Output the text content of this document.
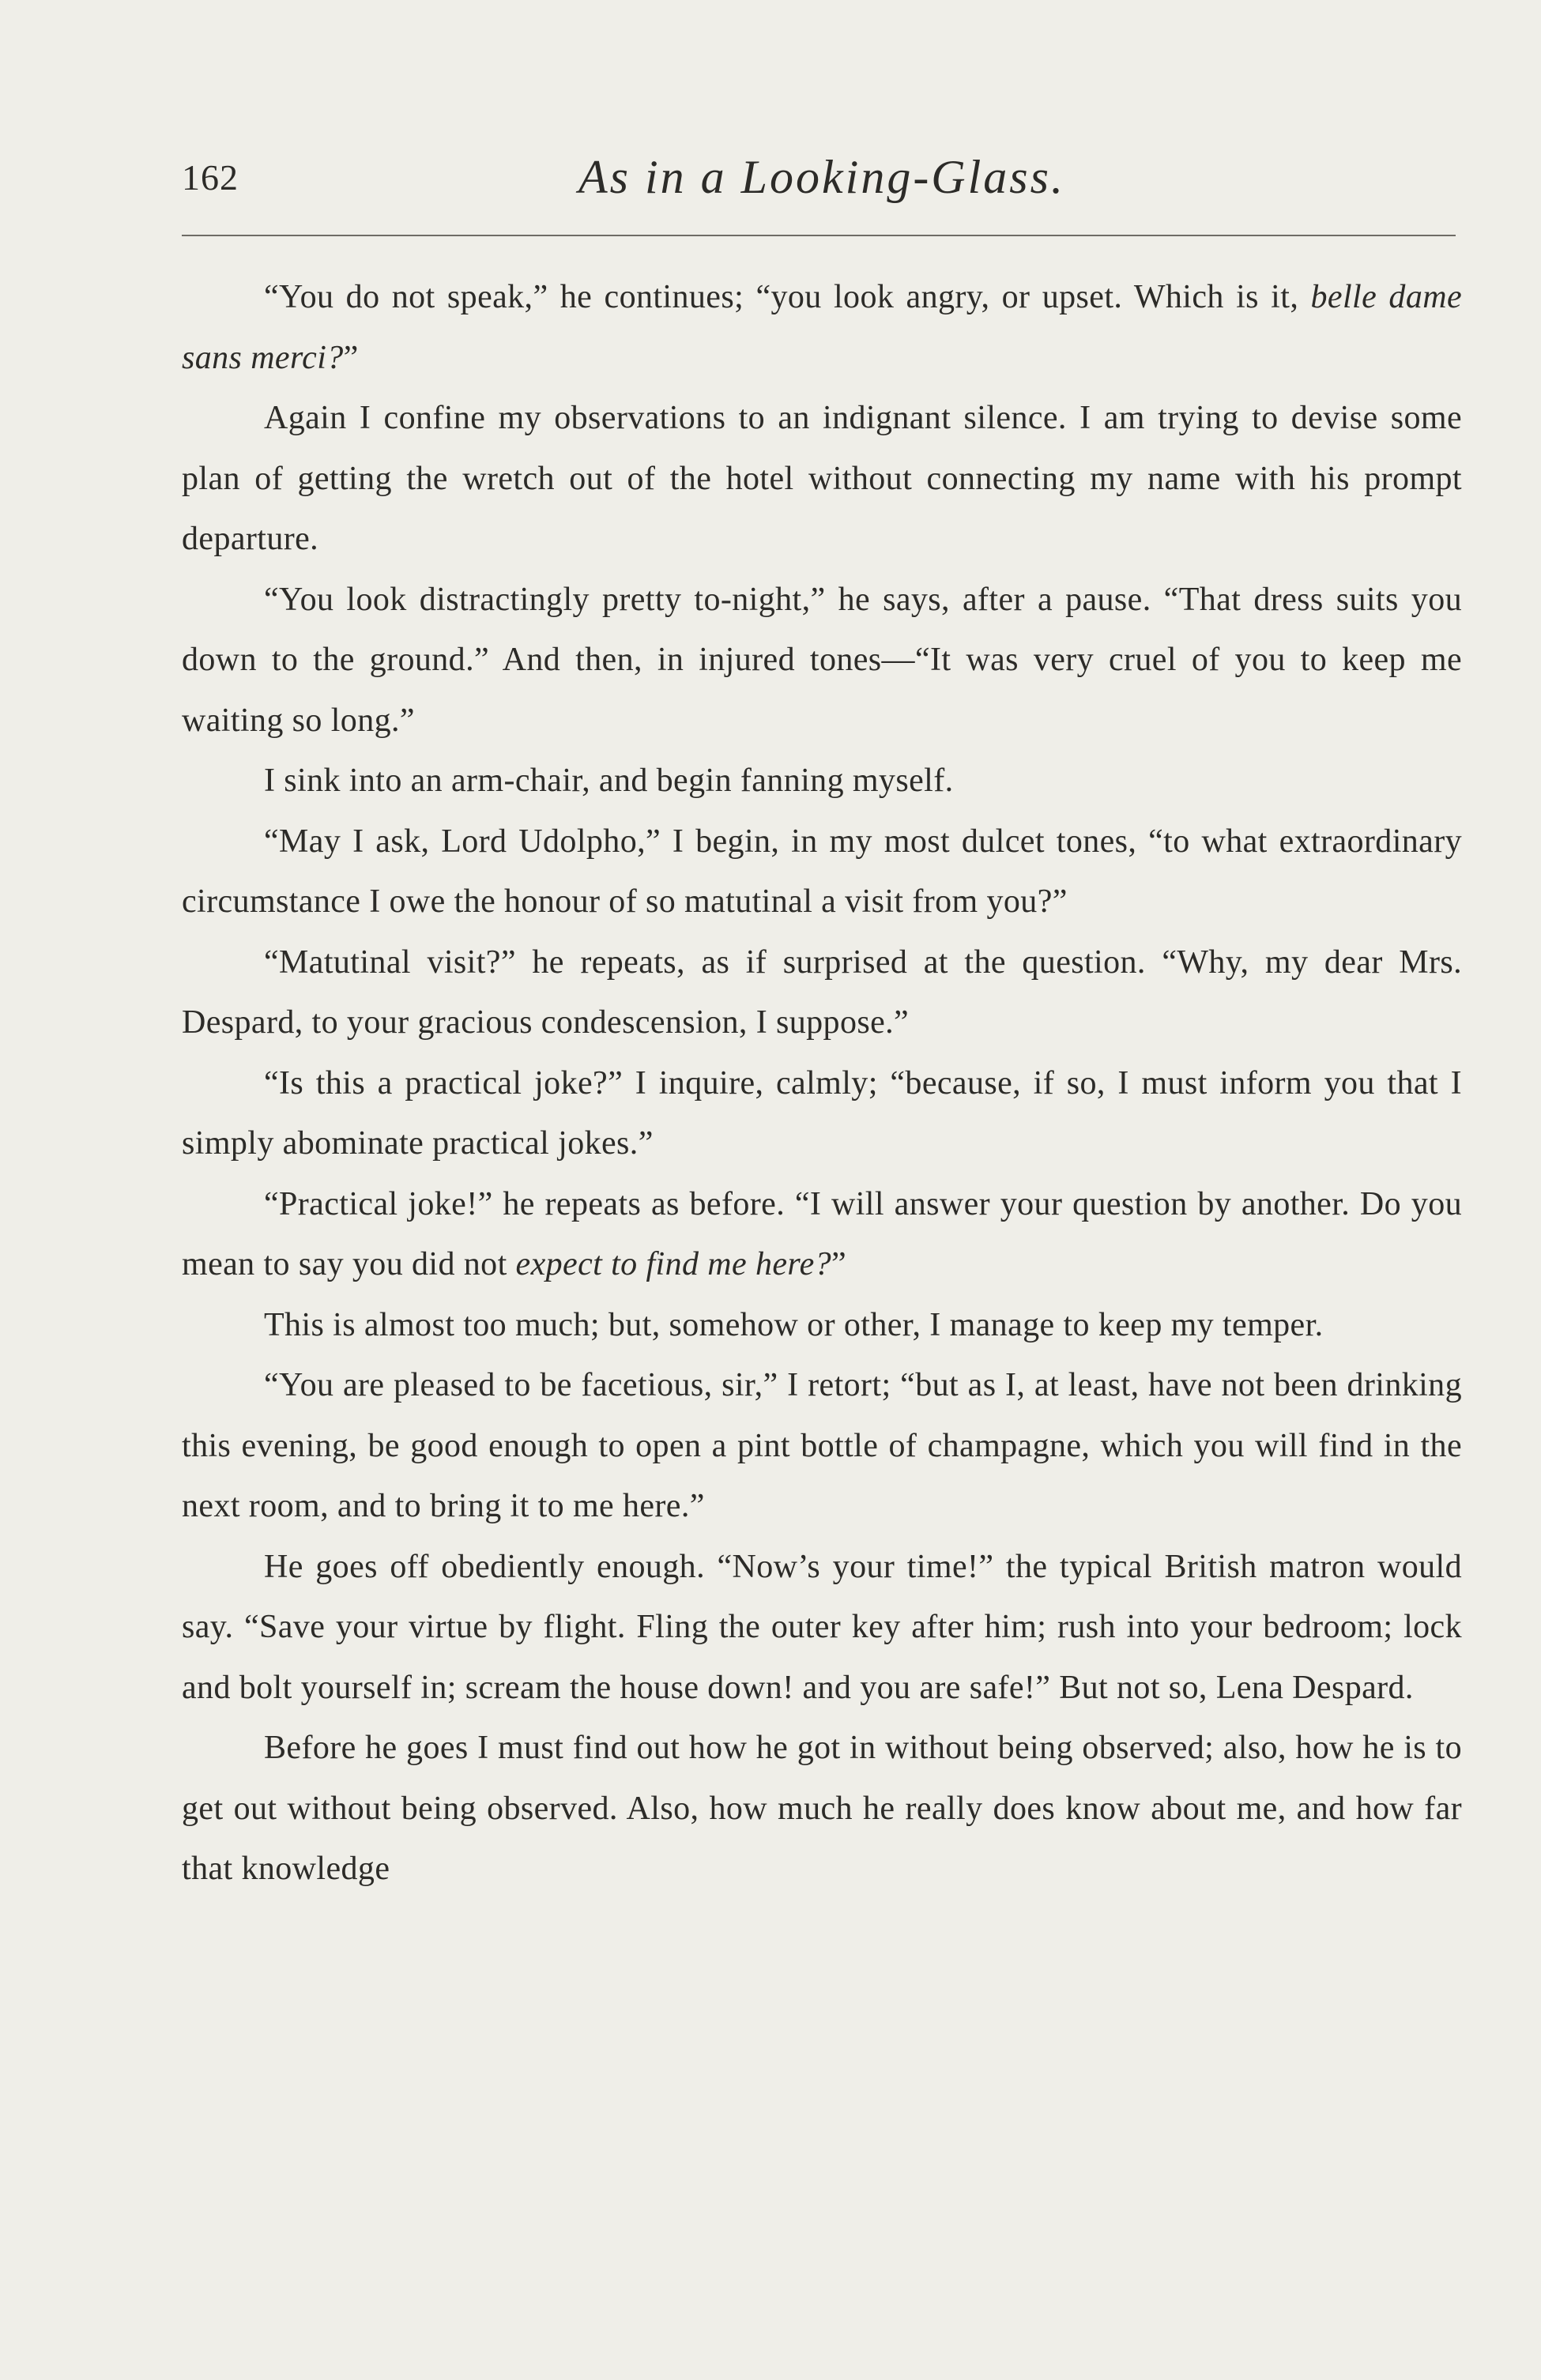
162	As in a Looking-Glass.

“You do not speak,” he continues; “you look angry, or upset. Which is it, belle dame sans merci?”

Again I confine my observations to an indignant silence. I am trying to devise some plan of getting the wretch out of the hotel without connecting my name with his prompt departure.

“You look distractingly pretty to-night,” he says, after a pause. “That dress suits you down to the ground.” And then, in injured tones—“It was very cruel of you to keep me waiting so long.”

I sink into an arm-chair, and begin fanning myself.

“May I ask, Lord Udolpho,” I begin, in my most dulcet tones, “to what extraordinary circumstance I owe the honour of so matutinal a visit from you?”

“Matutinal visit?” he repeats, as if surprised at the question. “Why, my dear Mrs. Despard, to your gracious condescension, I suppose.”

“Is this a practical joke?” I inquire, calmly; “because, if so, I must inform you that I simply abominate practical jokes.”

“Practical joke!” he repeats as before. “I will answer your question by another. Do you mean to say you did not expect to find me here?”

This is almost too much; but, somehow or other, I manage to keep my temper.

“You are pleased to be facetious, sir,” I retort; “but as I, at least, have not been drinking this evening, be good enough to open a pint bottle of champagne, which you will find in the next room, and to bring it to me here.”

He goes off obediently enough. “Now’s your time!” the typical British matron would say. “Save your virtue by flight. Fling the outer key after him; rush into your bedroom; lock and bolt yourself in; scream the house down! and you are safe!” But not so, Lena Despard.

Before he goes I must find out how he got in without being observed; also, how he is to get out without being observed. Also, how much he really does know about me, and how far that knowledge
